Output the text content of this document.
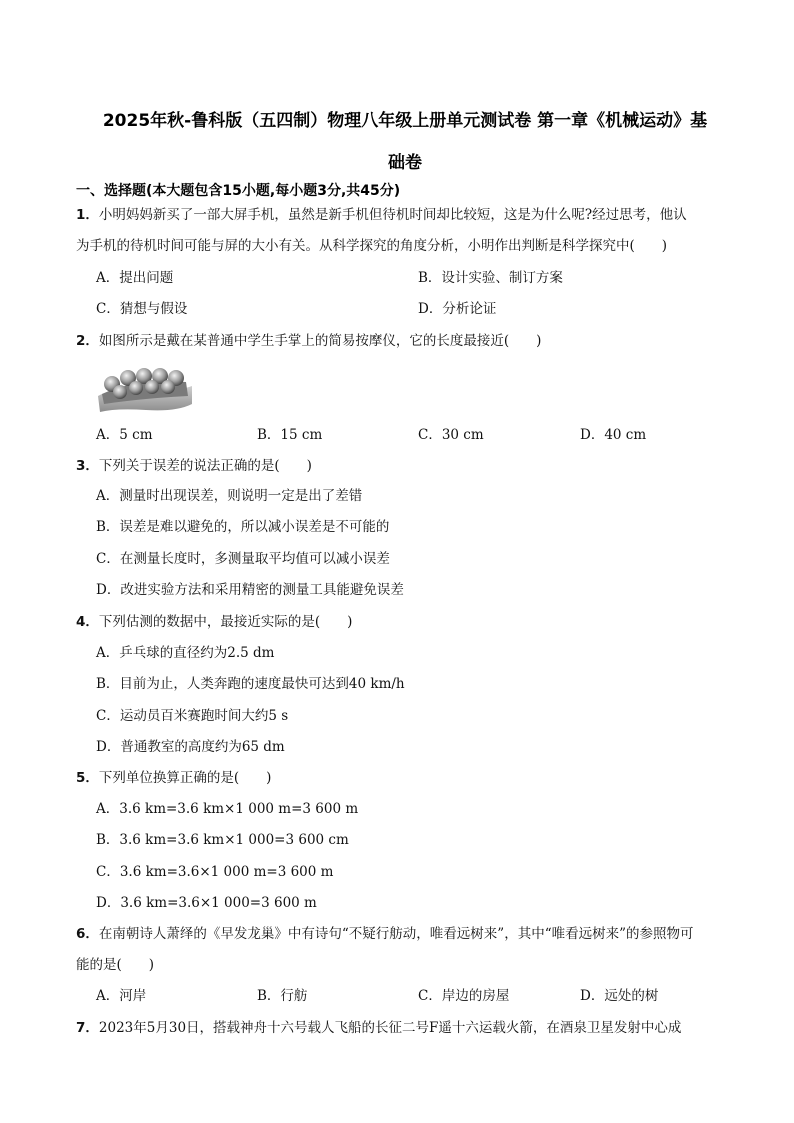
2025年秋-鲁科版（五四制）物理八年级上册单元测试卷 第一章《机械运动》基
础卷
一、选择题(本大题包含15小题,每小题3分,共45分)
1．小明妈妈新买了一部大屏手机，虽然是新手机但待机时间却比较短，这是为什么呢?经过思考，他认
为手机的待机时间可能与屏的大小有关。从科学探究的角度分析，小明作出判断是科学探究中(　　)
A．提出问题	B．设计实验、制订方案
C．猜想与假设	D．分析论证
2．如图所示是戴在某普通中学生手掌上的简易按摩仪，它的长度最接近(　　)
A．5 cm	B．15 cm	C．30 cm	D．40 cm
3．下列关于误差的说法正确的是(　　)
A．测量时出现误差，则说明一定是出了差错
B．误差是难以避免的，所以减小误差是不可能的
C．在测量长度时，多测量取平均值可以减小误差
D．改进实验方法和采用精密的测量工具能避免误差
4．下列估测的数据中，最接近实际的是(　　)
A．乒乓球的直径约为2.5 dm
B．目前为止，人类奔跑的速度最快可达到40 km/h
C．运动员百米赛跑时间大约5 s
D．普通教室的高度约为65 dm
5．下列单位换算正确的是(　　)
A．3.6 km=3.6 km×1 000 m=3 600 m
B．3.6 km=3.6 km×1 000=3 600 cm
C．3.6 km=3.6×1 000 m=3 600 m
D．3.6 km=3.6×1 000=3 600 m
6．在南朝诗人萧绎的《早发龙巢》中有诗句“不疑行舫动，唯看远树来”，其中“唯看远树来”的参照物可
能的是(　　)
A．河岸	B．行舫	C．岸边的房屋	D．远处的树
7．2023年5月30日，搭载神舟十六号载人飞船的长征二号F遥十六运载火箭，在酒泉卫星发射中心成
